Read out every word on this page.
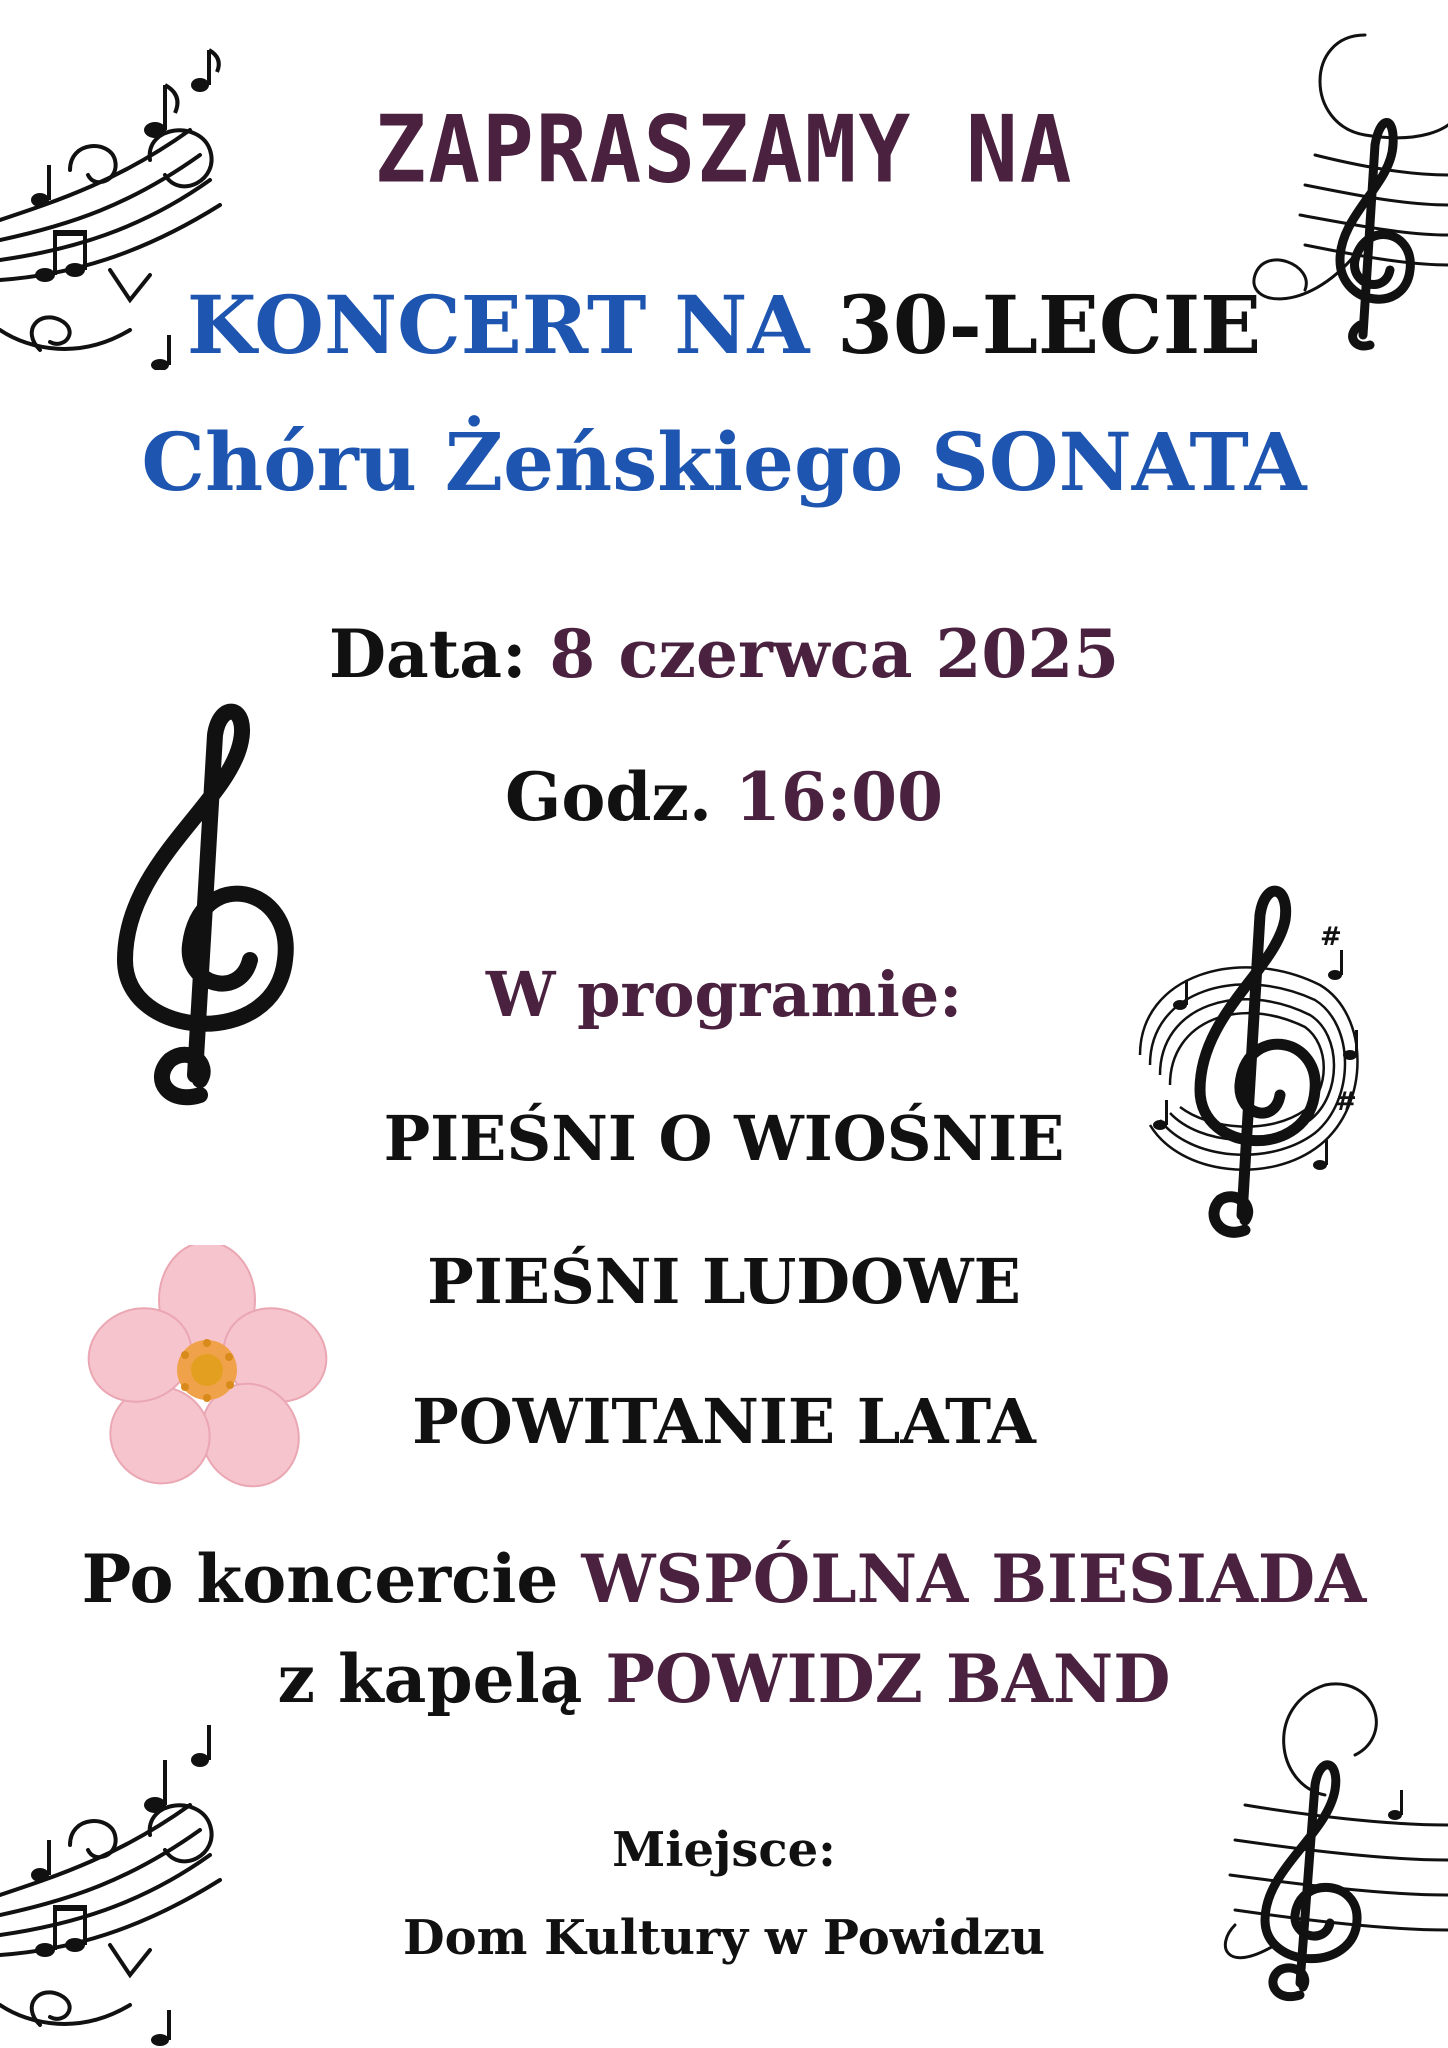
ZAPRASZAMY NA
KONCERT NA 30-LECIE
Chóru Żeńskiego SONATA
Data: 8 czerwca 2025
Godz. 16:00
W programie:
PIEŚNI O WIOŚNIE
PIEŚNI LUDOWE
POWITANIE LATA
Po koncercie WSPÓLNA BIESIADA
z kapelą POWIDZ BAND
Miejsce:
Dom Kultury w Powidzu
#
#
